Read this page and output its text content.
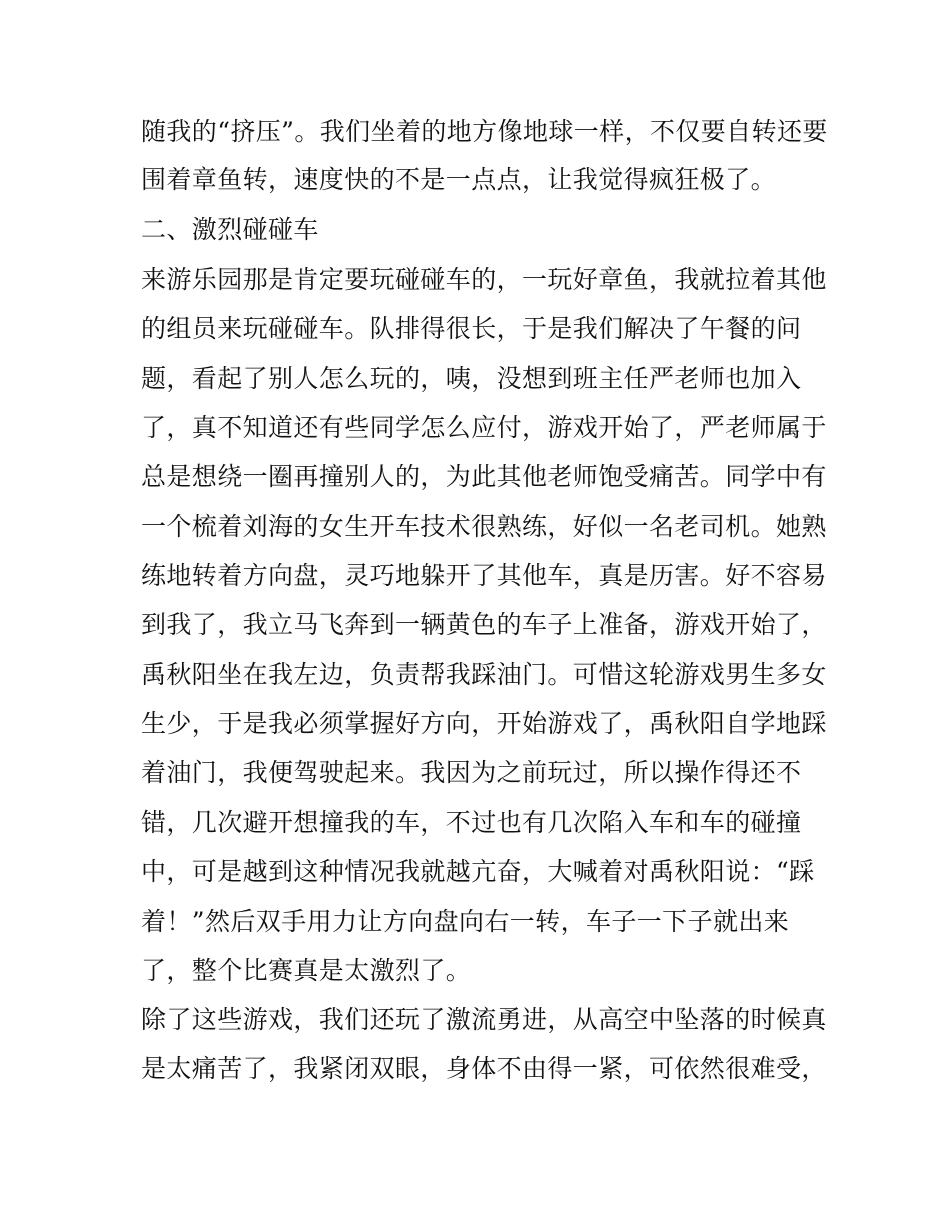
随我的“挤压”。我们坐着的地方像地球一样，不仅要自转还要
围着章鱼转，速度快的不是一点点，让我觉得疯狂极了。
二、激烈碰碰车
来游乐园那是肯定要玩碰碰车的，一玩好章鱼，我就拉着其他
的组员来玩碰碰车。队排得很长，于是我们解决了午餐的问
题，看起了别人怎么玩的，咦，没想到班主任严老师也加入
了，真不知道还有些同学怎么应付，游戏开始了，严老师属于
总是想绕一圈再撞别人的，为此其他老师饱受痛苦。同学中有
一个梳着刘海的女生开车技术很熟练，好似一名老司机。她熟
练地转着方向盘，灵巧地躲开了其他车，真是历害。好不容易
到我了，我立马飞奔到一辆黄色的车子上准备，游戏开始了，
禹秋阳坐在我左边，负责帮我踩油门。可惜这轮游戏男生多女
生少，于是我必须掌握好方向，开始游戏了，禹秋阳自学地踩
着油门，我便驾驶起来。我因为之前玩过，所以操作得还不
错，几次避开想撞我的车，不过也有几次陷入车和车的碰撞
中，可是越到这种情况我就越亢奋，大喊着对禹秋阳说：“踩
着！”然后双手用力让方向盘向右一转，车子一下子就出来
了，整个比赛真是太激烈了。
除了这些游戏，我们还玩了激流勇进，从高空中坠落的时候真
是太痛苦了，我紧闭双眼，身体不由得一紧，可依然很难受，
